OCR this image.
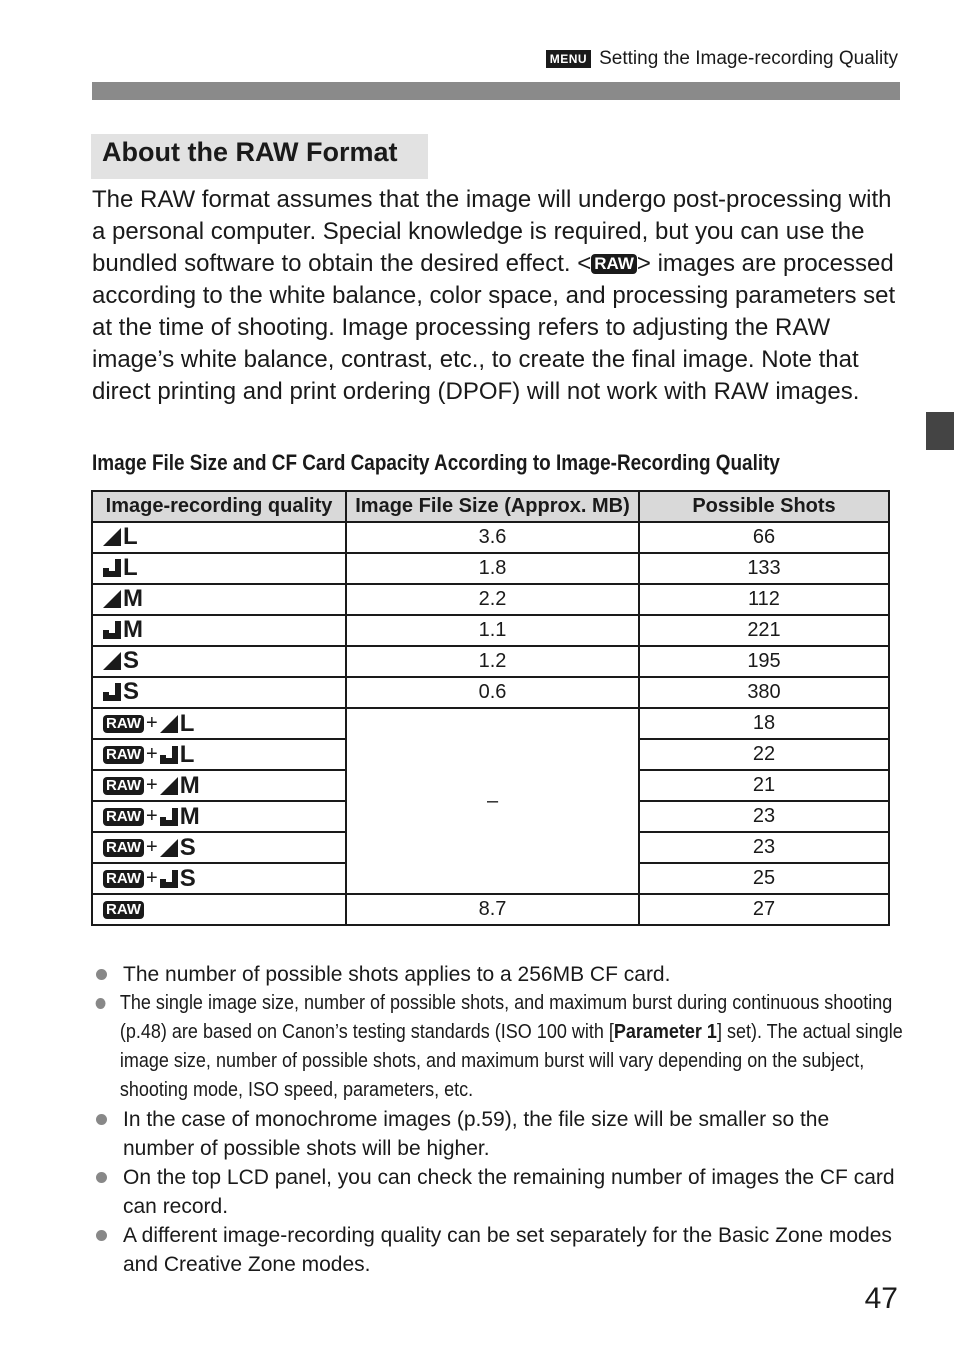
MENU Setting the Image-recording Quality
About the RAW Format

The RAW format assumes that the image will undergo post-processing with a personal computer. Special knowledge is required, but you can use the bundled software to obtain the desired effect. < RAW > images are processed according to the white balance, color space, and processing parameters set at the time of shooting. Image processing refers to adjusting the RAW image’s white balance, contrast, etc., to create the final image. Note that direct printing and print ordering (DPOF) will not work with RAW images.

Image File Size and CF Card Capacity According to Image-Recording Quality
Image-recording quality	Image File Size (Approx. MB)	Possible Shots

L	3.6	66

L	1.8	133

M	2.2	112

M	1.1	221

S	1.2	195

S	0.6	380

RAW + L	–	18

RAW + L		22

RAW + M		21

RAW + M		23

RAW + S		23

RAW + S		25

RAW	8.7	27
The number of possible shots applies to a 256MB CF card.
The single image size, number of possible shots, and maximum burst during continuous shooting (p.48) are based on Canon’s testing standards (ISO 100 with [Parameter 1] set). The actual single image size, number of possible shots, and maximum burst will vary depending on the subject, shooting mode, ISO speed, parameters, etc.
In the case of monochrome images (p.59), the file size will be smaller so the number of possible shots will be higher.
On the top LCD panel, you can check the remaining number of images the CF card can record.
A different image-recording quality can be set separately for the Basic Zone modes and Creative Zone modes.
47
